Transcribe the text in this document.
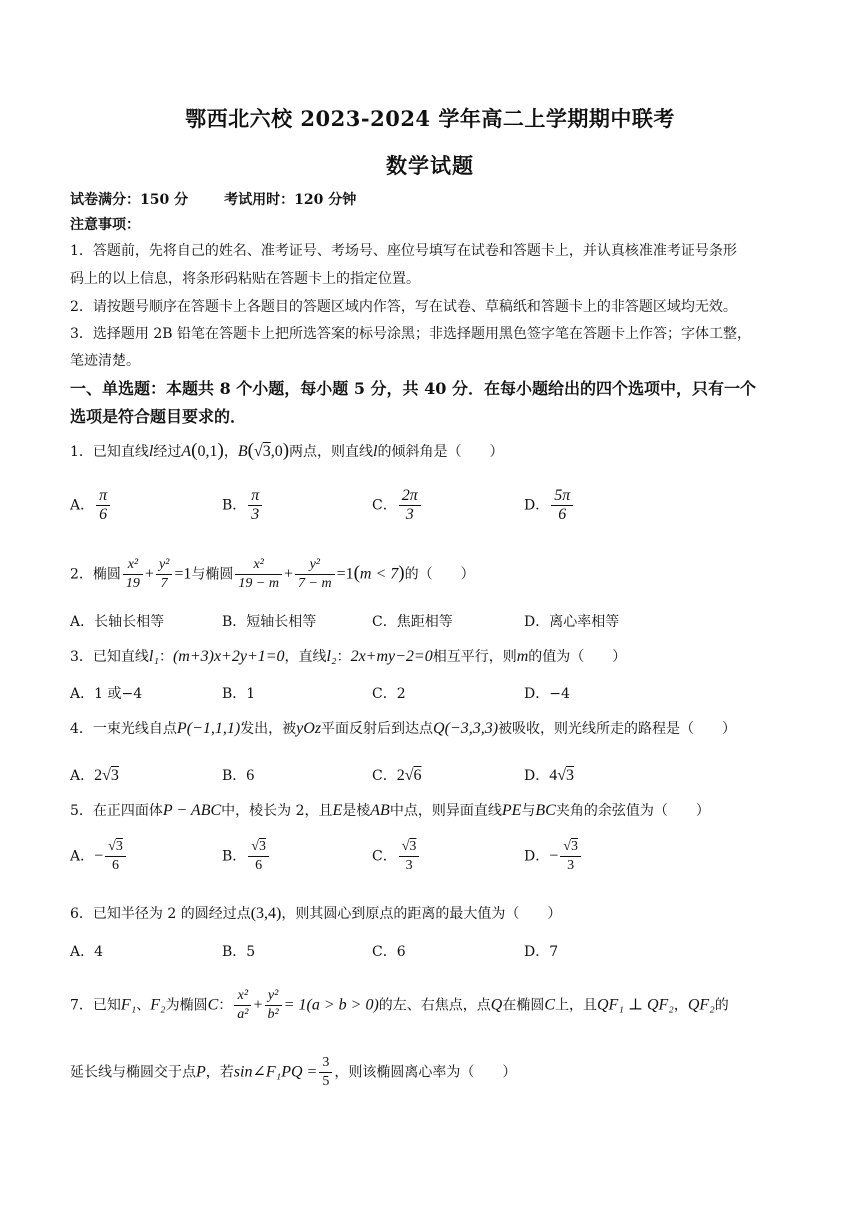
鄂西北六校 2023-2024 学年高二上学期期中联考
数学试题
试卷满分：150 分	考试用时：120 分钟
注意事项：
1．答题前，先将自己的姓名、准考证号、考场号、座位号填写在试卷和答题卡上，并认真核准准考证号条形
码上的以上信息，将条形码粘贴在答题卡上的指定位置。
2．请按题号顺序在答题卡上各题目的答题区域内作答，写在试卷、草稿纸和答题卡上的非答题区域均无效。
3．选择题用 2B 铅笔在答题卡上把所选答案的标号涂黑；非选择题用黑色签字笔在答题卡上作答；字体工整，
笔迹清楚。
一、单选题：本题共 8 个小题，每小题 5 分，共 40 分．在每小题给出的四个选项中，只有一个
选项是符合题目要求的．
1．已知直线l经过A(0,1)，B(√3,0)两点，则直线l的倾斜角是（　　）
A． $\frac{\pi}{6}$	B． $\frac{\pi}{3}$	C． $\frac{2\pi}{3}$	D． $\frac{5\pi}{6}$
2．椭圆 $\frac{\text{x²}}{19} + \frac{\text{y²}}{7} =1$与椭圆 $\frac{\text{x²}}{19 - m} + \frac{\text{y²}}{7 - m} =1(m < 7)$的（　　）
A．长轴长相等	B．短轴长相等	C．焦距相等	D．离心率相等
3．已知直线l₁：(m+3)x+2y+1=0，直线l₂：2x+my−2=0相互平行，则m的值为（　　）
A．1 或−4	B．1	C．2	D．−4
4．一束光线自点P(−1,1,1)发出，被yOz平面反射后到达点Q(−3,3,3)被吸收，则光线所走的路程是（　　）
A．2√3	B．6	C．2√6	D．4√3
5．在正四面体P − ABC中，棱长为 2，且E是棱AB中点，则异面直线PE与BC夹角的余弦值为（　　）
A．− $\frac{√3}{6}$	B． $\frac{√3}{6}$	C． $\frac{√3}{3}$	D．− $\frac{√3}{3}$
6．已知半径为 2 的圆经过点(3,4)，则其圆心到原点的距离的最大值为（　　）
A．4	B．5	C．6	D．7
7．已知F₁、F₂为椭圆C： $\frac{\text{x²}}{\text{a²}} + \frac{\text{y²}}{\text{b²}} = 1(a > b > 0)$的左、右焦点，点Q在椭圆C上，且QF₁ ⊥ QF₂，QF₂的
延长线与椭圆交于点P，若sin∠F₁PQ = $\frac{3}{5}$ ，则该椭圆离心率为（　　）
